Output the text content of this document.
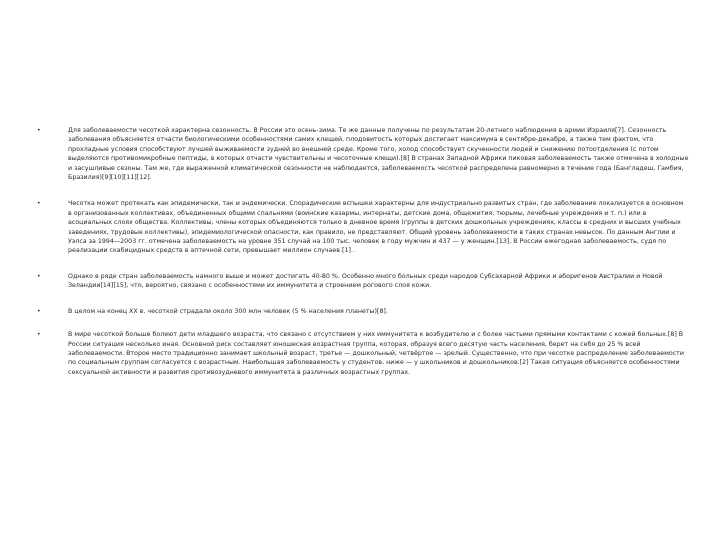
•	Для заболеваемости чесоткой характерна сезонность. В России это осень-зима. Те же данные получены по результатам 20-летнего наблюдения в армии Израиля[7]. Сезонность заболевания объясняется отчасти биологическими особенностями самих клещей, плодовитость которых достигает максимума в сентябре-декабре, а также тем фактом, что прохладные условия способствуют лучшей выживаемости зудней во внешней среде. Кроме того, холод способствует скученности людей и снижению потоотделения (с потом выделяются противомикробные пептиды, в которых отчасти чувствительны и чесоточные клещи).[8] В странах Западной Африки пиковая заболеваемость также отмечена в холодные и засушливые сезоны. Там же, где выраженной климатической сезонности не наблюдается, заболеваемость чесоткой распределена равномерно в течение года (Бангладеш, Гамбия, Бразилия)[9][10][11][12].
•	Чесотка может протекать как эпидемически, так и эндемически. Спорадические вспышки характерны для индустриально развитых стран, где заболевание локализуется в основном в организованных коллективах, объединенных общими спальнями (воинские казармы, интернаты, детские дома, общежития, тюрьмы, лечебные учреждения и т. п.) или в асоциальных слоях общества. Коллективы, члены которых объединяются только в дневное время (группы в детских дошкольных учреждениях, классы в средних и высших учебных заведениях, трудовые коллективы), эпидемиологической опасности, как правило, не представляют. Общий уровень заболеваемости в таких странах невысок. По данным Англии и Уэлса за 1994—2003 гг. отмечена заболеваемость на уровне 351 случай на 100 тыс. человек в году мужчин и 437 — у женщин.[13]. В России ежегодная заболеваемость, судя по реализации скабицидных средств в аптечной сети, превышает миллион случаев.[1] .
•	Однако в ряде стран заболеваемость намного выше и может достигать 40-80 %. Особенно много больных среди народов Субсахарной Африки и аборигенов Австралии и Новой Зеландии[14][15], что, вероятно, связано с особенностями их иммунитета и строением рогового слоя кожи.
•	В целом на конец XX в. чесоткой страдали около 300 млн человек (5 % населения планеты)[8].
•	В мире чесоткой больше болеют дети младшего возраста, что связано с отсутствием у них иммунитета к возбудителю и с более частыми прямыми контактами с кожей больных.[8] В России ситуация несколько иная. Основной риск составляет юношеская возрастная группа, которая, образуя всего десятую часть населения, берет на себя до 25 % всей заболеваемости. Второе место традиционно занимает школьный возраст, третье — дошкольный, четвёртое — зрелый. Существенно, что при чесотке распределение заболеваемости по социальным группам согласуется с возрастным. Наибольшая заболеваемость у студентов, ниже — у школьников и дошкольников.[2] Такая ситуация объясняется особенностями сексуальной активности и развития противозудневого иммунитета в различных возрастных группах.
